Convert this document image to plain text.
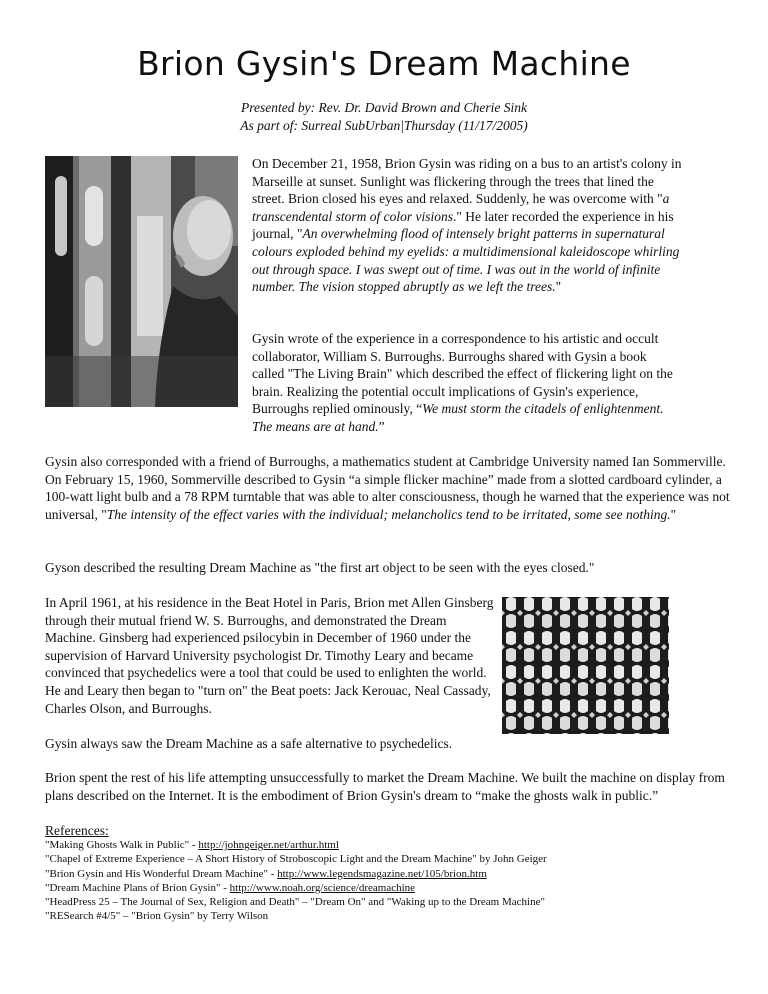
Brion Gysin's Dream Machine
Presented by: Rev. Dr. David Brown and Cherie Sink
As part of: Surreal SubUrban|Thursday (11/17/2005)
On December 21, 1958, Brion Gysin was riding on a bus to an artist's colony in Marseille at sunset. Sunlight was flickering through the trees that lined the street. Brion closed his eyes and relaxed. Suddenly, he was overcome with "a transcendental storm of color visions." He later recorded the experience in his journal, "An overwhelming flood of intensely bright patterns in supernatural colours exploded behind my eyelids: a multidimensional kaleidoscope whirling out through space. I was swept out of time. I was out in the world of infinite number. The vision stopped abruptly as we left the trees."
Gysin wrote of the experience in a correspondence to his artistic and occult collaborator, William S. Burroughs. Burroughs shared with Gysin a book called "The Living Brain" which described the effect of flickering light on the brain. Realizing the potential occult implications of Gysin's experience, Burroughs replied ominously, “We must storm the citadels of enlightenment. The means are at hand.”
Gysin also corresponded with a friend of Burroughs, a mathematics student at Cambridge University named Ian Sommerville. On February 15, 1960, Sommerville described to Gysin “a simple flicker machine” made from a slotted cardboard cylinder, a 100-watt light bulb and a 78 RPM turntable that was able to alter consciousness, though he warned that the experience was not universal, "The intensity of the effect varies with the individual; melancholics tend to be irritated, some see nothing."
Gyson described the resulting Dream Machine as "the first art object to be seen with the eyes closed."
In April 1961, at his residence in the Beat Hotel in Paris, Brion met Allen Ginsberg through their mutual friend W. S. Burroughs, and demonstrated the Dream Machine. Ginsberg had experienced psilocybin in December of 1960 under the supervision of Harvard University psychologist Dr. Timothy Leary and became convinced that psychedelics were a tool that could be used to enlighten the world. He and Leary then began to "turn on" the Beat poets: Jack Kerouac, Neal Cassady, Charles Olson, and Burroughs.
Gysin always saw the Dream Machine as a safe alternative to psychedelics.
Brion spent the rest of his life attempting unsuccessfully to market the Dream Machine. We built the machine on display from plans described on the Internet. It is the embodiment of Brion Gysin's dream to “make the ghosts walk in public.”
References:
"Making Ghosts Walk in Public" - http://johngeiger.net/arthur.html
"Chapel of Extreme Experience – A Short History of Stroboscopic Light and the Dream Machine" by John Geiger
"Brion Gysin and His Wonderful Dream Machine" - http://www.legendsmagazine.net/105/brion.htm
"Dream Machine Plans of Brion Gysin" - http://www.noah.org/science/dreamachine
"HeadPress 25 – The Journal of Sex, Religion and Death" – "Dream On" and "Waking up to the Dream Machine"
"RESearch #4/5" – "Brion Gysin" by Terry Wilson
